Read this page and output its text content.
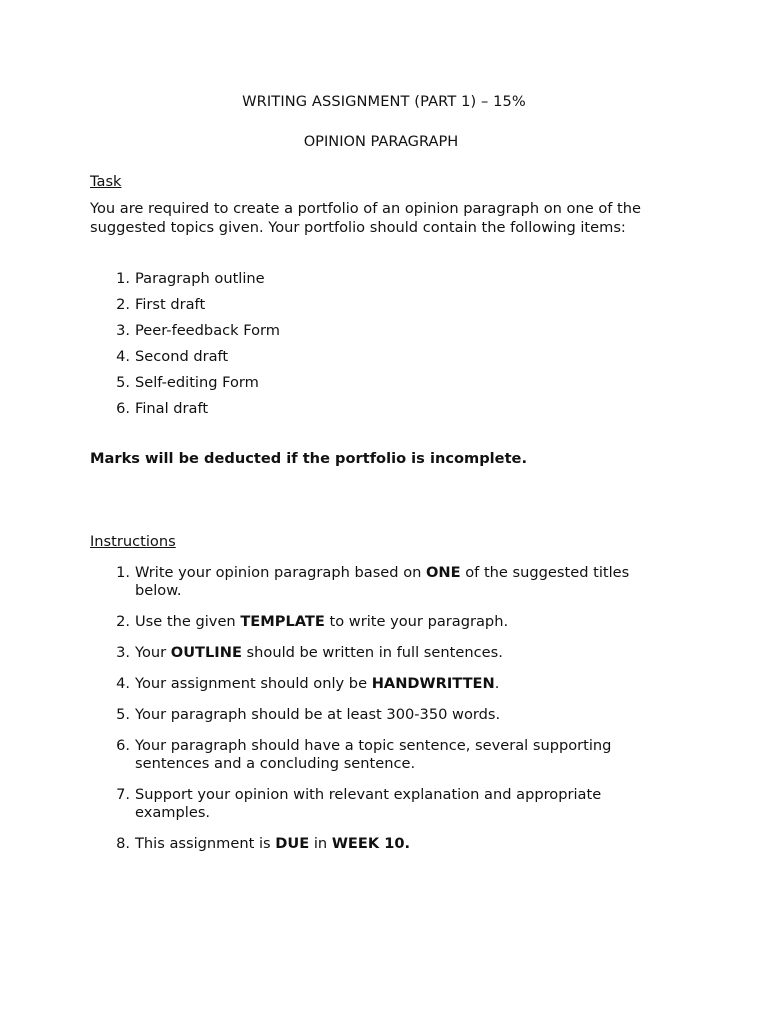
WRITING ASSIGNMENT (PART 1) – 15%
OPINION PARAGRAPH
Task
You are required to create a portfolio of an opinion paragraph on one of the suggested topics given. Your portfolio should contain the following items:
1. Paragraph outline
2. First draft
3. Peer-feedback Form
4. Second draft
5. Self-editing Form
6. Final draft
Marks will be deducted if the portfolio is incomplete.
Instructions
1. Write your opinion paragraph based on ONE of the suggested titles below.
2. Use the given TEMPLATE to write your paragraph.
3. Your OUTLINE should be written in full sentences.
4. Your assignment should only be HANDWRITTEN.
5. Your paragraph should be at least 300-350 words.
6. Your paragraph should have a topic sentence, several supporting sentences and a concluding sentence.
7. Support your opinion with relevant explanation and appropriate examples.
8. This assignment is DUE in WEEK 10.
